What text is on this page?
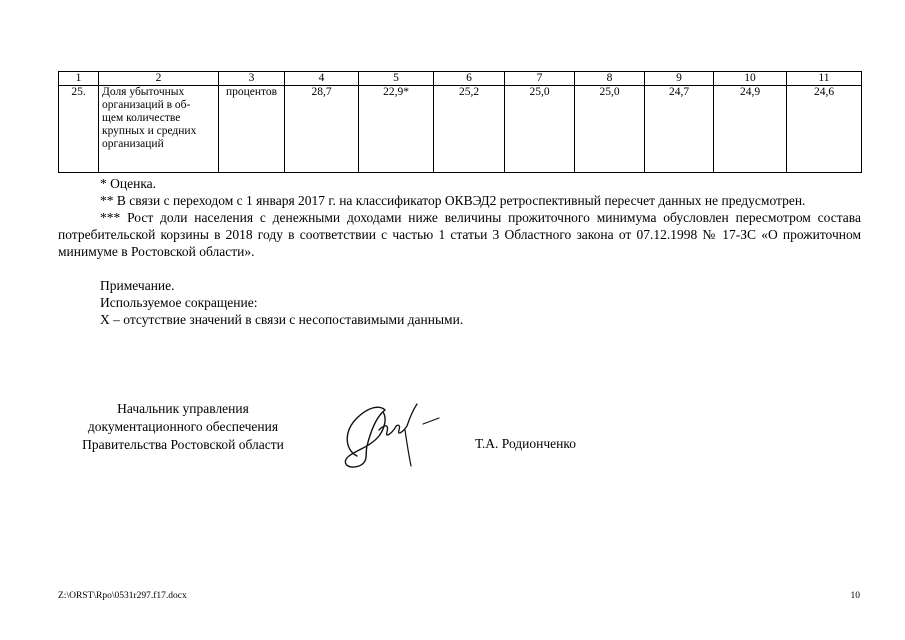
1	2	3	4	5	6	7	8	9	10	11
25.	Доля убыточных
организаций в об-
щем количестве
крупных и средних
организаций	процентов	28,7	22,9*	25,2	25,0	25,0	24,7	24,9	24,6

* Оценка.

** В связи с переходом с 1 января 2017 г. на классификатор ОКВЭД2 ретроспективный пересчет данных не предусмотрен.

*** Рост доли населения с денежными доходами ниже величины прожиточного минимума обусловлен пересмотром состава потребительской корзины в 2018 году в соответствии с частью 1 статьи 3 Областного закона от 07.12.1998 № 17-ЗС «О прожиточном минимуме в Ростовской области».

Примечание.

Используемое сокращение:

Х – отсутствие значений в связи с несопоставимыми данными.

Начальник управления
документационного обеспечения
Правительства Ростовской области	Т.А. Родионченко
Z:\ORST\Rpo\0531r297.f17.docx	10
